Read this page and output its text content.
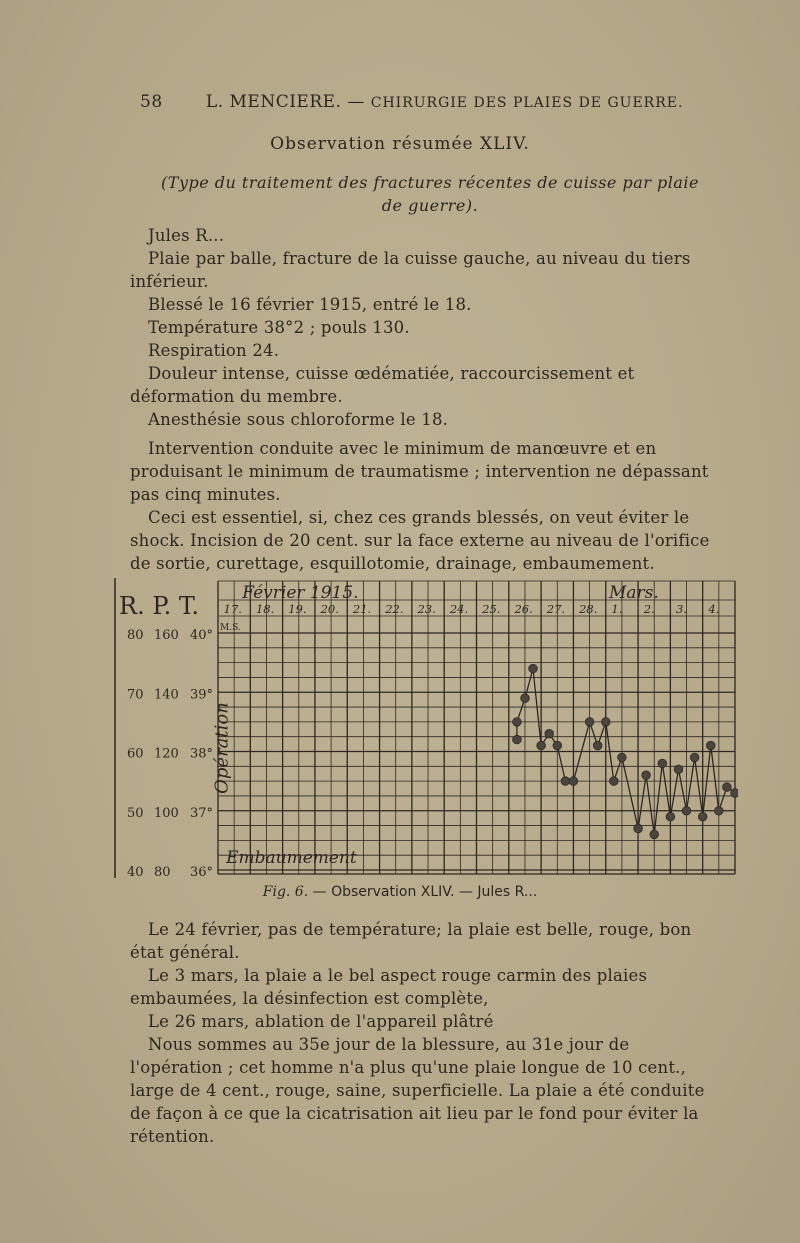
58	L. MENCIERE. — CHIRURGIE DES PLAIES DE GUERRE.
Observation résumée XLIV.
(Type du traitement des fractures récentes de cuisse par plaie de guerre).
Jules R...
Plaie par balle, fracture de la cuisse gauche, au niveau du tiers inférieur.
Blessé le 16 février 1915, entré le 18.
Température 38°2 ; pouls 130.
Respiration 24.
Douleur intense, cuisse œdématiée, raccourcissement et déformation du membre.
Anesthésie sous chloroforme le 18.
Intervention conduite avec le minimum de manœuvre et en produisant le minimum de traumatisme ; intervention ne dépassant pas cinq minutes.
Ceci est essentiel, si, chez ces grands blessés, on veut éviter le shock. Incision de 20 cent. sur la face externe au niveau de l'orifice de sortie, curettage, esquillotomie, drainage, embaumement.
R. P. T.
80 160 40°
70 140 39°
60 120 38°
50 100 37°
40 80 36°
Février 1915.	Mars.
17. 18. 19. 20. 21. 22. 23. 24. 25. 26. 27. 28. 1. 2. 3. 4.
M.S.
Opération
Embaumement
Fig. 6. — Observation XLIV. — Jules R...
Le 24 février, pas de température; la plaie est belle, rouge, bon état général.
Le 3 mars, la plaie a le bel aspect rouge carmin des plaies embaumées, la désinfection est complète,
Le 26 mars, ablation de l'appareil plâtré
Nous sommes au 35e jour de la blessure, au 31e jour de l'opération ; cet homme n'a plus qu'une plaie longue de 10 cent., large de 4 cent., rouge, saine, superficielle. La plaie a été conduite de façon à ce que la cicatrisation ait lieu par le fond pour éviter la rétention.
